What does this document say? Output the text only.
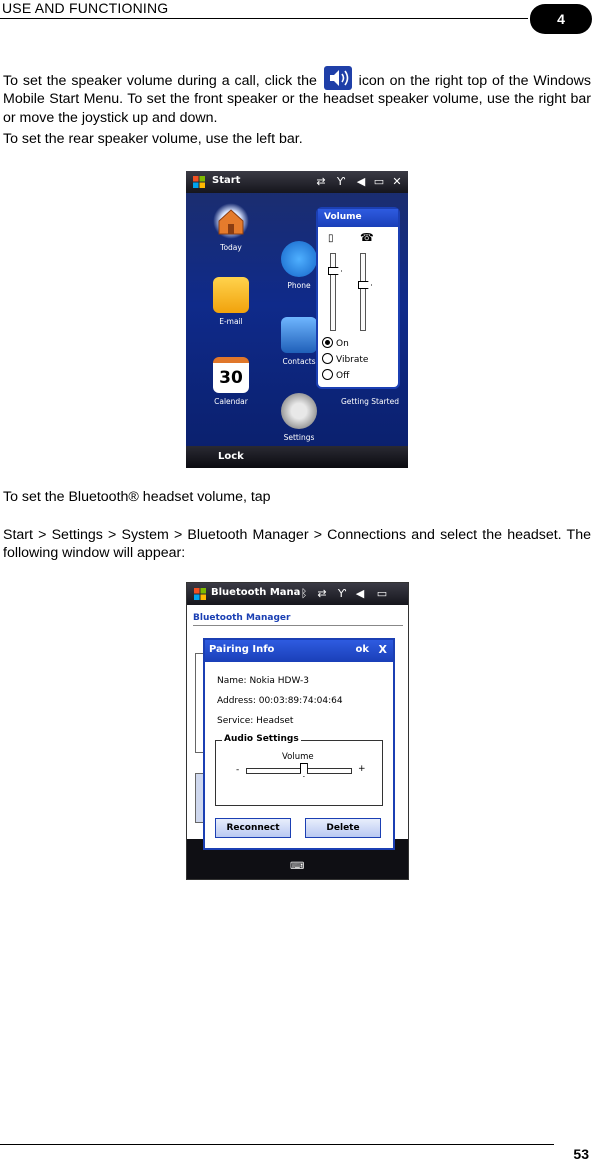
USE AND FUNCTIONING
4
To set the speaker volume during a call, click the	icon on the right top of the Windows Mobile Start Menu. To set the front speaker or the headset speaker volume, use the right bar or move the joystick up and down.
To set the rear speaker volume, use the left bar.
Start	⇄ Ƴ ◀ ▭ ✕
Today
Phone
E-mail
Contacts
30
Calendar
Settings
Getting Started
Volume
▯ ☎
On
Vibrate
Off
Lock
To set the Bluetooth® headset volume, tap
Start > Settings > System > Bluetooth Manager > Connections and select the headset. The following window will appear:
Bluetooth Mana ᛒ ⇄ Ƴ ◀ ▭
Bluetooth Manager
⌨
Pairing Info	ok X
Name: Nokia HDW-3
Address: 00:03:89:74:04:64
Service: Headset
Audio Settings
Volume
-	+
Reconnect	Delete
53
